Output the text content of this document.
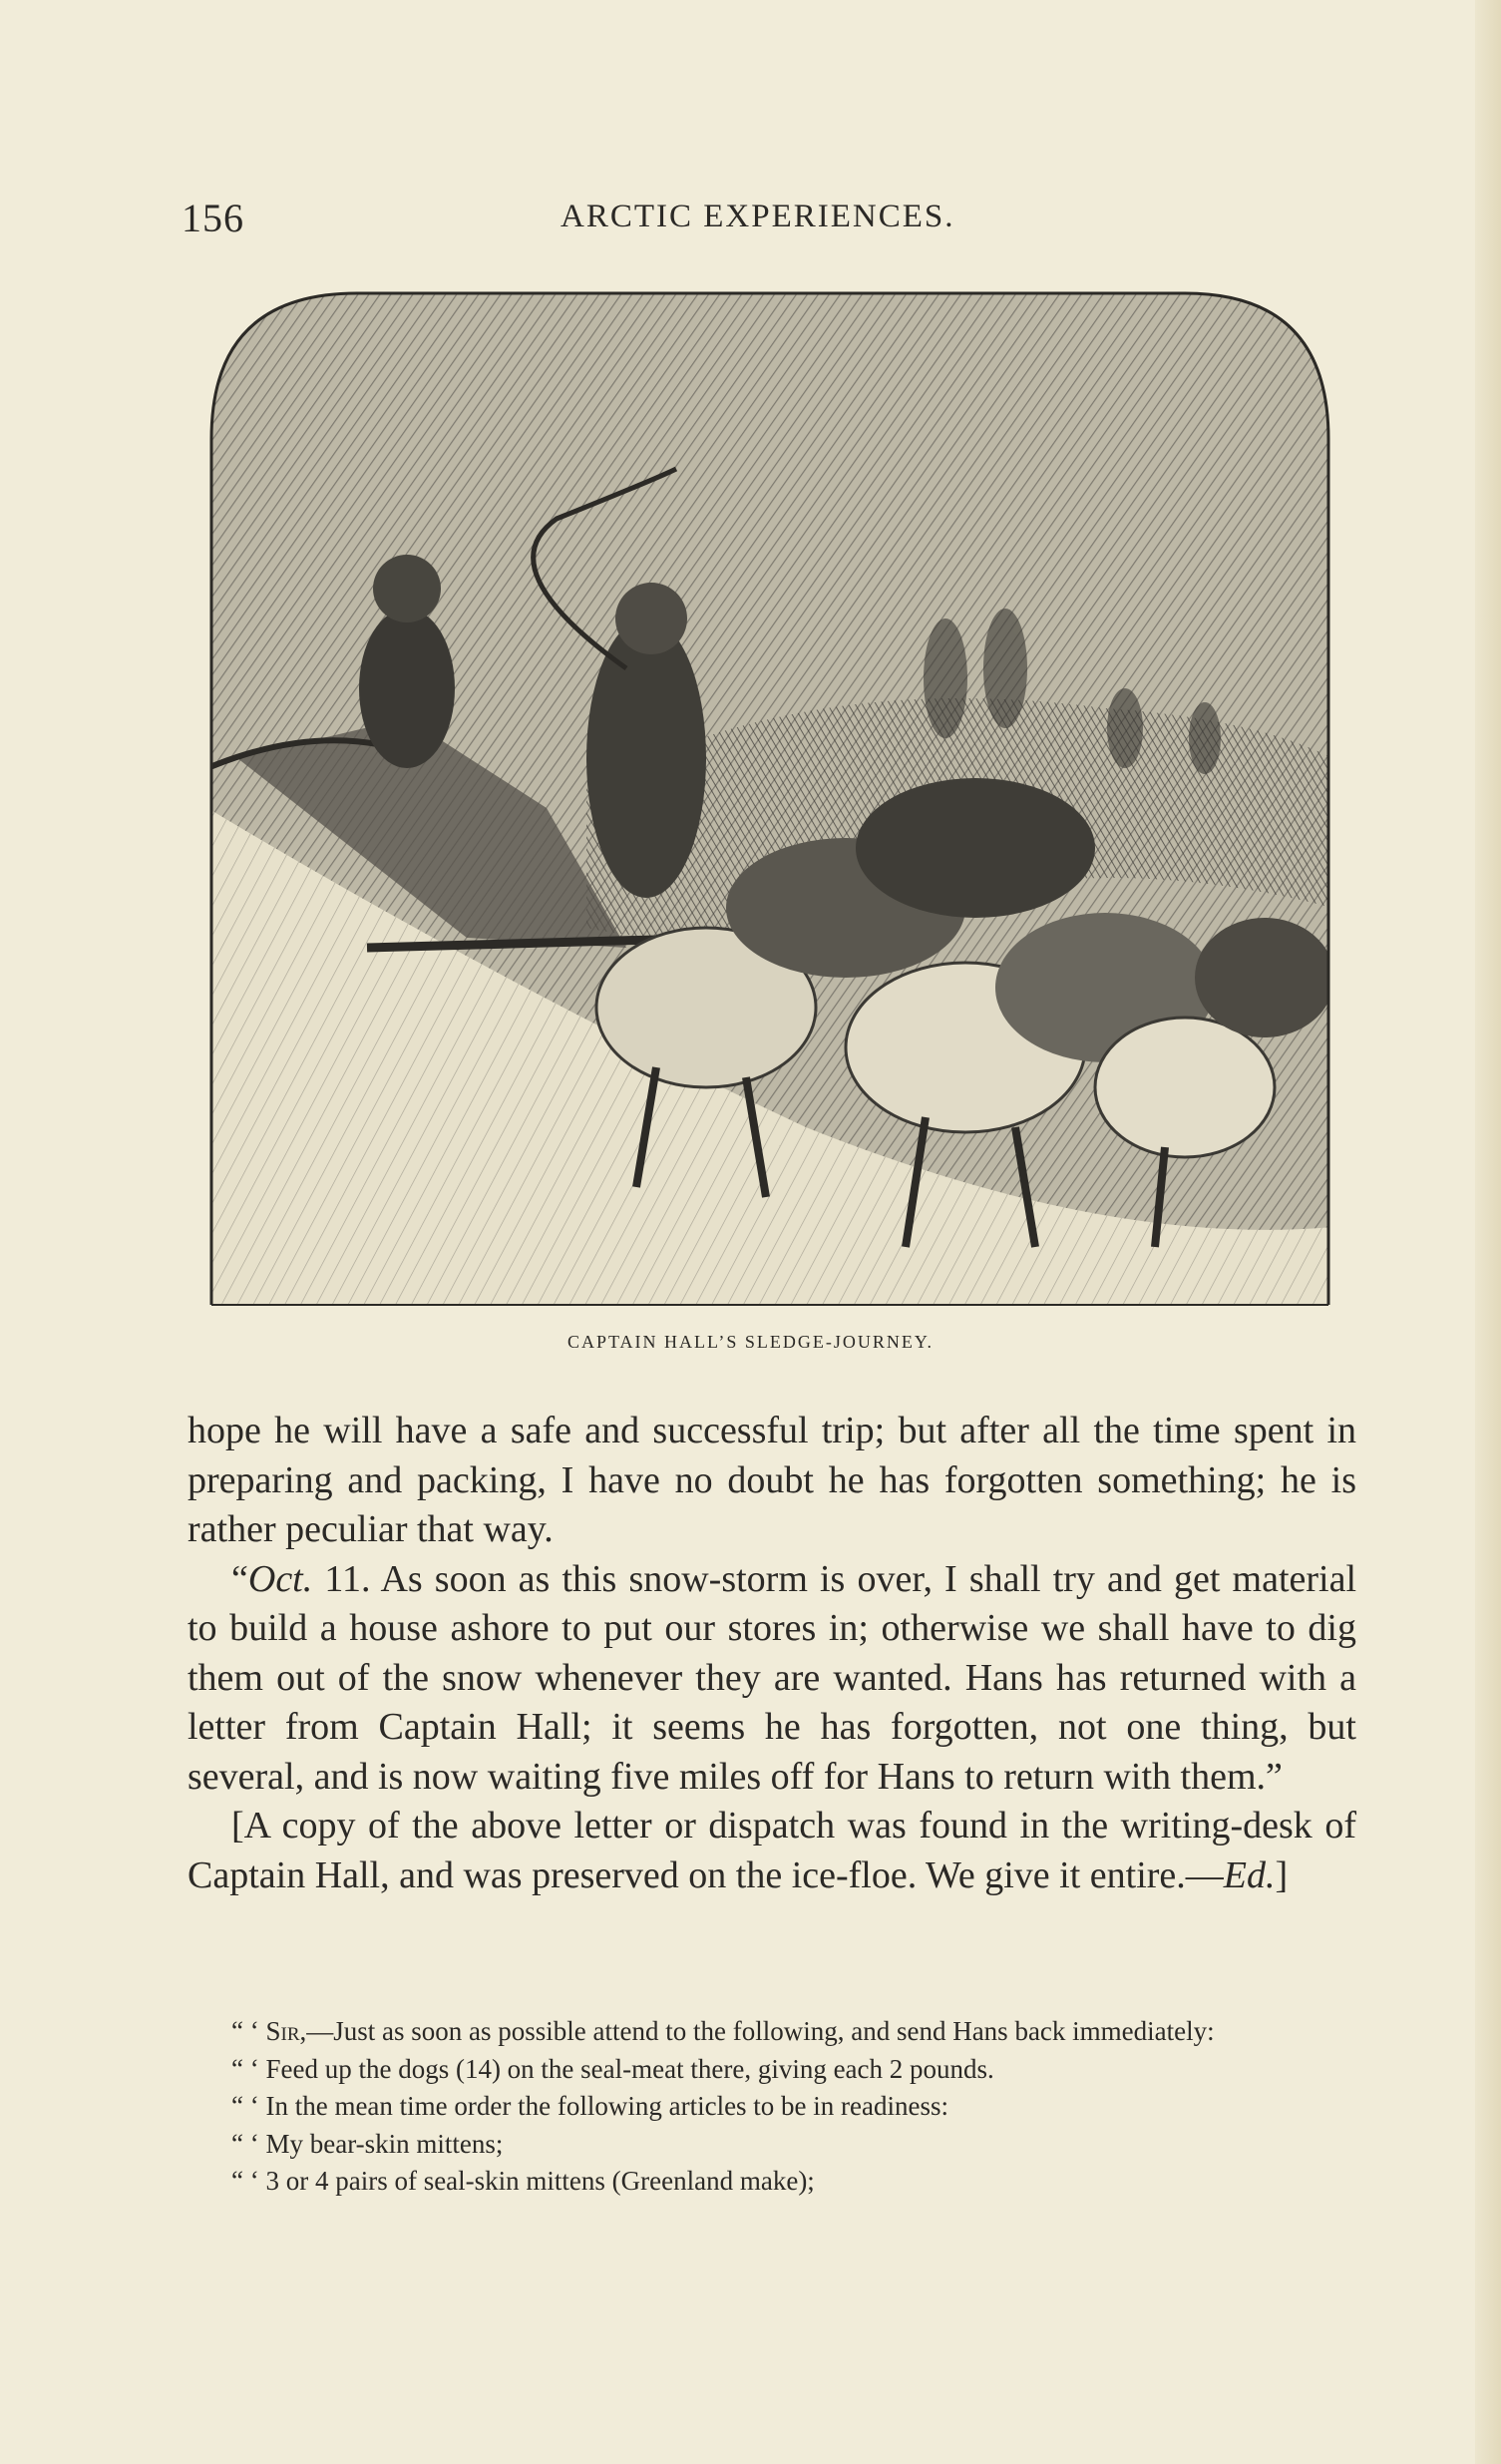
156	ARCTIC EXPERIENCES.
CAPTAIN HALL’S SLEDGE-JOURNEY.

hope he will have a safe and successful trip; but after all the time spent in preparing and packing, I have no doubt he has forgotten something; he is rather peculiar that way.

“Oct. 11. As soon as this snow-storm is over, I shall try and get material to build a house ashore to put our stores in; otherwise we shall have to dig them out of the snow whenever they are wanted. Hans has returned with a letter from Captain Hall; it seems he has forgotten, not one thing, but several, and is now waiting five miles off for Hans to return with them.”

[A copy of the above letter or dispatch was found in the writing-desk of Captain Hall, and was preserved on the ice-floe. We give it entire.—Ed.]

“ ‘ Sir,—Just as soon as possible attend to the following, and send Hans back immediately:

“ ‘ Feed up the dogs (14) on the seal-meat there, giving each 2 pounds.

“ ‘ In the mean time order the following articles to be in readiness:

“ ‘ My bear-skin mittens;

“ ‘ 3 or 4 pairs of seal-skin mittens (Greenland make);
